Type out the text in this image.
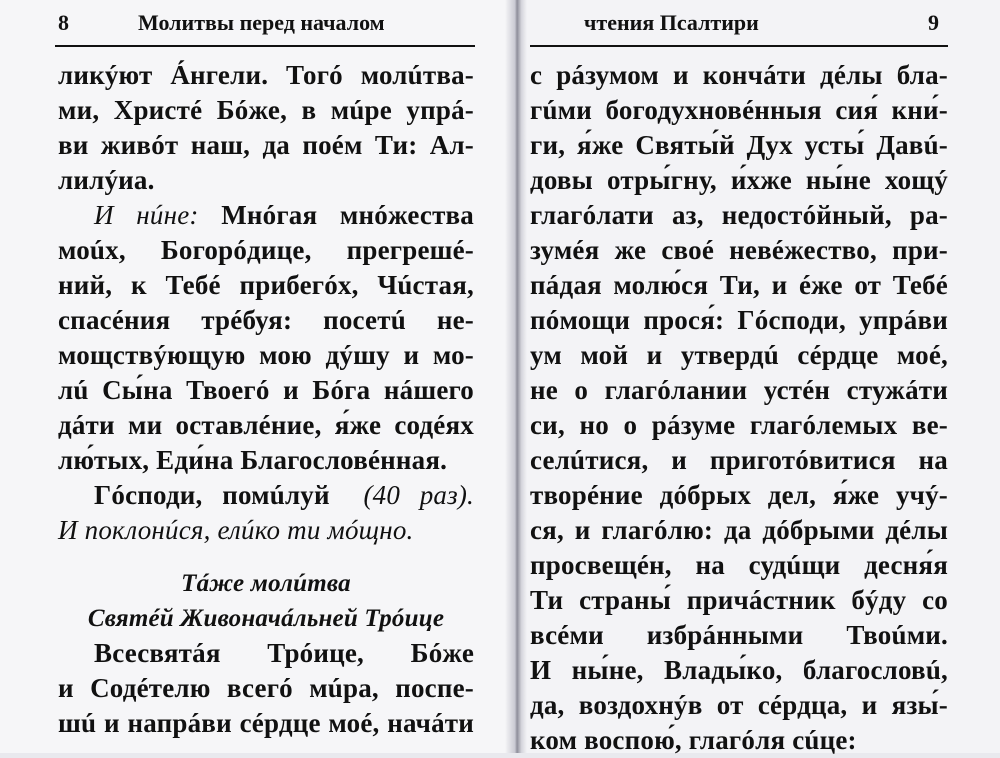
8	Молитвы перед началом

ликýют Áнгели. Тогó молúтва-

ми, Христé Бóже, в мúре упрá-

ви живóт наш, да поéм Ти: Ал-

лилýиа.

И нúне: Мнóгая мнóжества

моúх, Богорóдице, прегрешé-

ний, к Тебé прибегóх, Чúстая,

спасéния трéбуя: посетú не-

мощствýющую мою дýшу и мо-

лú Сы́на Твоегó и Бóга нáшего

дáти ми оставлéние, я́же содéях

лю́тых, Еди́на Благословéнная.

Гóсподи, помúлуй (40 раз).

И поклонúся, елúко ти мóщно.

Тáже молúтва

Святéй Живоначáльней Трóице

Всесвятáя Трóице, Бóже

и Содéтелю всегó мúра, поспе-

шú и напрáви сéрдце моé, начáти

чтения Псалтири	9

с рáзумом и кончáти дéлы бла-

гúми богодухновéнныя сия́ кни́-

ги, я́же Святы́й Дух усты́ Давú-

довы отры́гну, и́хже ны́не хощý

глагóлати аз, недостóйный, ра-

зумéя же своé невéжество, при-

пáдая молю́ся Ти, и éже от Тебé

пóмощи прося́: Гóсподи, упрáви

ум мой и утвердú сéрдце моé,

не о глагóлании устéн стужáти

си, но о рáзуме глагóлемых ве-

селúтися, и приготóвитися на

творéние дóбрых дел, я́же учý-

ся, и глагóлю: да дóбрыми дéлы

просвещéн, на судúщи десня́я

Ти страны́ причáстник бýду со

всéми избрáнными Твоúми.

И ны́не, Влады́ко, благословú,

да, воздохнýв от сéрдца, и язы́-

ком воспою́, глагóля сúце:
